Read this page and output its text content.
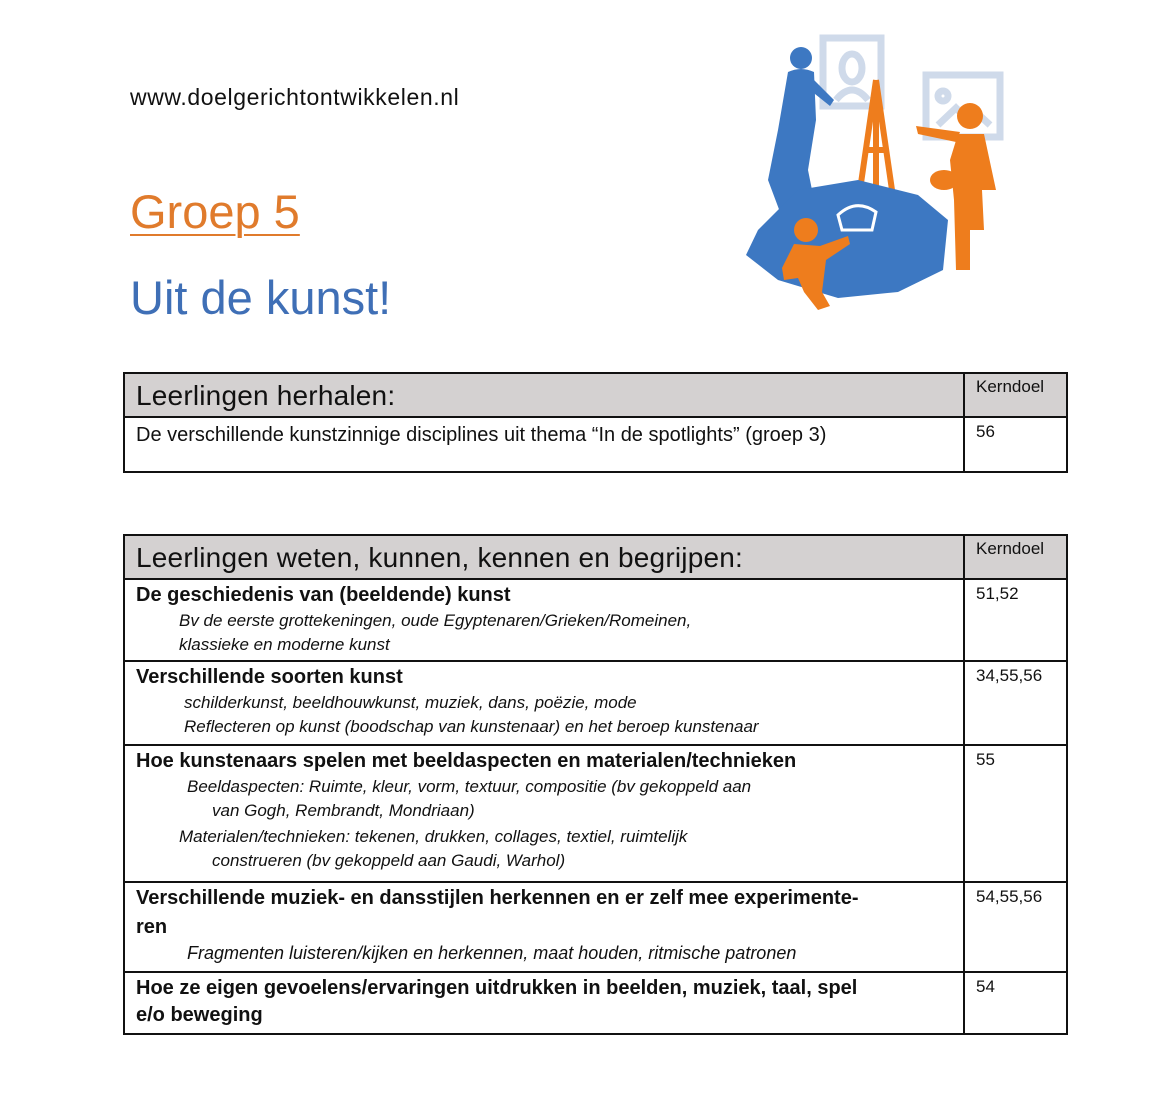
www.doelgerichtontwikkelen.nl
Groep 5
Uit de kunst!
Leerlingen herhalen:	Kerndoel

De verschillende kunstzinnige disciplines uit thema “In de spotlights” (groep 3)	56
Leerlingen weten, kunnen, kennen en begrijpen:	Kerndoel

De geschiedenis van (beeldende) kunst
Bv de eerste grottekeningen, oude Egyptenaren/Grieken/Romeinen,
klassieke en moderne kunst	51,52

Verschillende soorten kunst
schilderkunst, beeldhouwkunst, muziek, dans, poëzie, mode
Reflecteren op kunst (boodschap van kunstenaar) en het beroep kunstenaar	34,55,56

Hoe kunstenaars spelen met beeldaspecten en materialen/technieken
Beeldaspecten: Ruimte, kleur, vorm, textuur, compositie (bv gekoppeld aan
van Gogh, Rembrandt, Mondriaan)
Materialen/technieken: tekenen, drukken, collages, textiel, ruimtelijk
construeren (bv gekoppeld aan Gaudi, Warhol)	55

Verschillende muziek- en dansstijlen herkennen en er zelf mee experimente-
ren
Fragmenten luisteren/kijken en herkennen, maat houden, ritmische patronen	54,55,56

Hoe ze eigen gevoelens/ervaringen uitdrukken in beelden, muziek, taal, spel
e/o beweging	54
